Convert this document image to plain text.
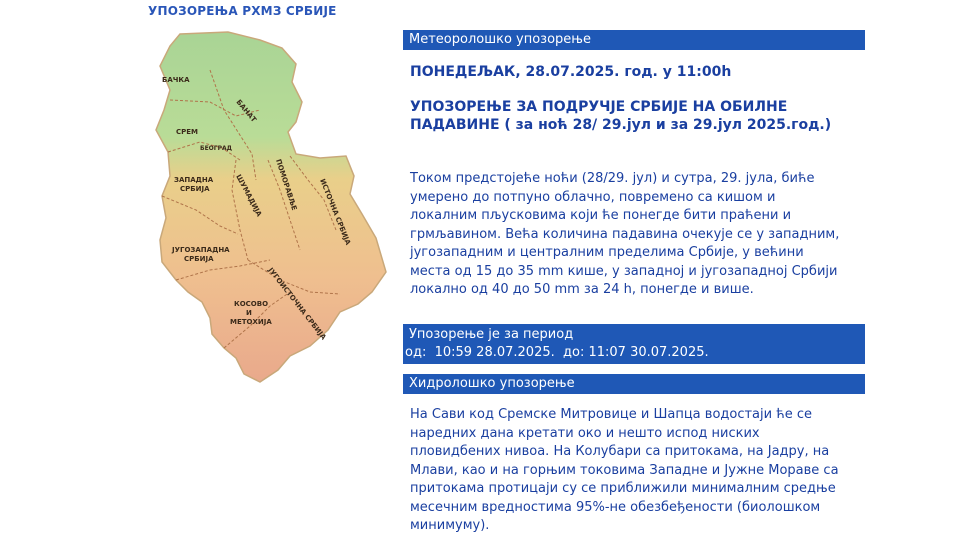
УПОЗОРЕЊА РХМЗ СРБИЈЕ
БАЧКА
БАНАТ
СРЕМ
БЕОГРАД
ЗАПАДНА
СРБИЈА	ШУМАДИЈА ПОМОРАВЉЕ	ИСТОЧНА СРБИЈА
ЈУГОЗАПАДНА
СРБИЈА
ЈУГОИСТОЧНА СРБИЈА
КОСОВО
И
МЕТОХИЈА
Метеоролошко упозорење
ПОНЕДЕЉАК, 28.07.2025. год. у 11:00h
УПОЗОРЕЊЕ ЗА ПОДРУЧЈЕ СРБИЈЕ НА ОБИЛНЕ ПАДАВИНЕ ( за ноћ 28/ 29.јул и за 29.јул 2025.год.)
Током предстојеће ноћи (28/29. јул) и сутра, 29. јула, биће умерено до потпуно облачно, повремено са кишом и локалним пљусковима који ће понегде бити праћени и грмљавином. Већа количина падавина очекује се у западним, југозападним и централним пределима Србије, у већини места од 15 до 35 mm кише, у западној и југозападној Србији локално од 40 до 50 mm за 24 h, понегде и више.
Упозорење је за период
од:  10:59 28.07.2025.  до: 11:07 30.07.2025.
Хидролошко упозорење
На Сави код Сремске Митровице и Шапца водостаји ће се наредних дана кретати око и нешто испод нискиx пловидбених нивоа. На Колубари са притокама, на Јадру, на Млави, као и на горњим токовима Западне и Јужне Мораве са притокама протицаји су се приближили минималним средње месечним вредностима 95%-не обезбеђености (биолошком минимуму).
